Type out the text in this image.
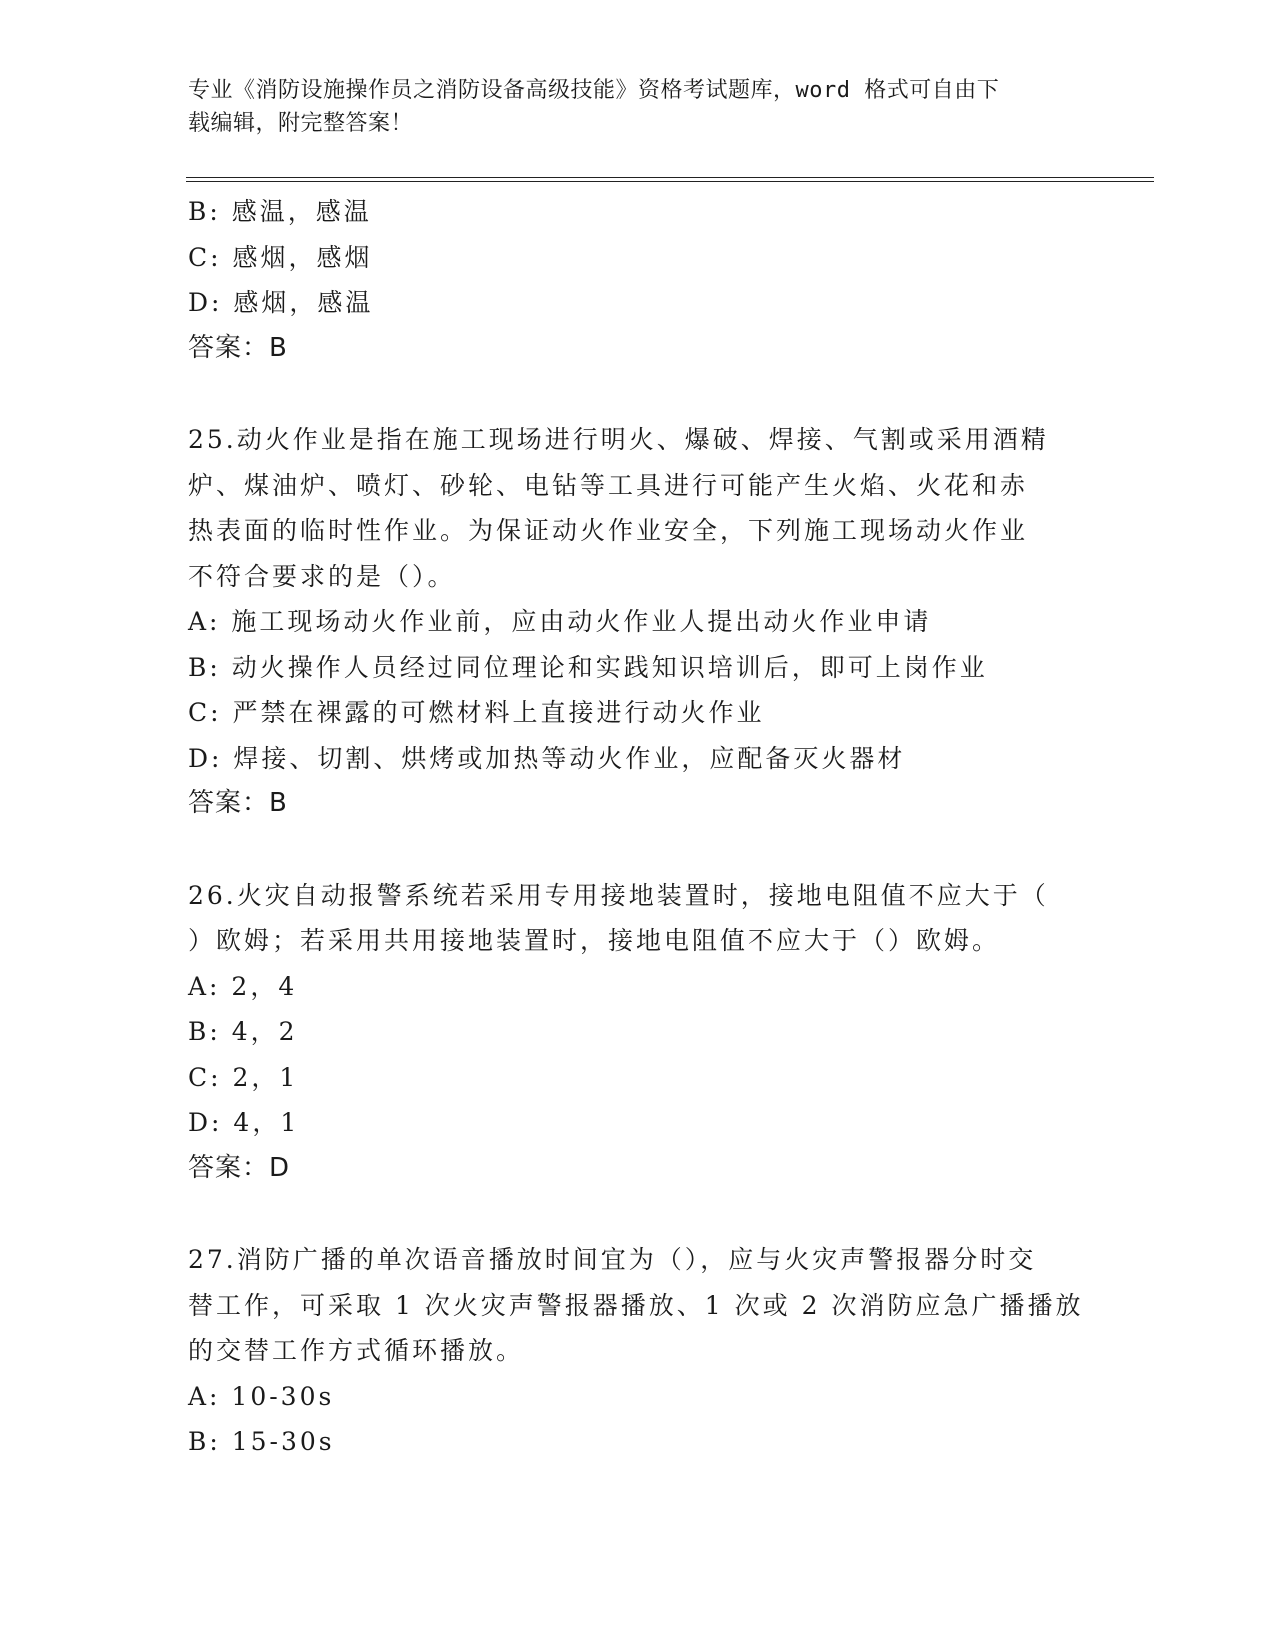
专业《消防设施操作员之消防设备高级技能》资格考试题库，word 格式可自由下
载编辑，附完整答案！
B: 感温，感温
C: 感烟，感烟
D: 感烟，感温
答案：B
25.动火作业是指在施工现场进行明火、爆破、焊接、气割或采用酒精
炉、煤油炉、喷灯、砂轮、电钻等工具进行可能产生火焰、火花和赤
热表面的临时性作业。为保证动火作业安全，下列施工现场动火作业
不符合要求的是（）。
A: 施工现场动火作业前，应由动火作业人提出动火作业申请
B: 动火操作人员经过同位理论和实践知识培训后，即可上岗作业
C: 严禁在裸露的可燃材料上直接进行动火作业
D: 焊接、切割、烘烤或加热等动火作业，应配备灭火器材
答案：B
26.火灾自动报警系统若采用专用接地装置时，接地电阻值不应大于（
）欧姆；若采用共用接地装置时，接地电阻值不应大于（）欧姆。
A: 2，4
B: 4，2
C: 2，1
D: 4，1
答案：D
27.消防广播的单次语音播放时间宜为（），应与火灾声警报器分时交
替工作，可采取 1 次火灾声警报器播放、1 次或 2 次消防应急广播播放
的交替工作方式循环播放。
A: 10-30s
B: 15-30s
